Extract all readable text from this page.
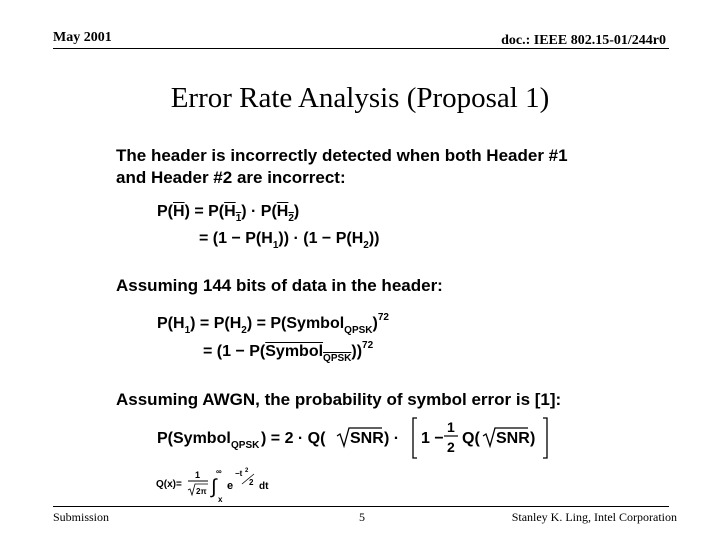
May 2001	doc.: IEEE 802.15-01/244r0
Error Rate Analysis (Proposal 1)
The header is incorrectly detected when both Header #1
and Header #2 are incorrect:
$P(\overline{H}) = P(H_1) \cdot P(H_2)$
= $(1 - P(H_1)) \cdot (1 - P(H_2))$
Assuming 144 bits of data in the header:
$P(H_1) = P(H_2)$ = P(Symbol$_{QPSK}$)$^{72}$
= (1 − P(Symbol$_{QPSK}$))$^{72}$
Assuming AWGN, the probability of symbol error is [1]:
P(Symbol QPSK ) = 2 · Q( SNR ) · 1 −
1
2 Q( SNR )
Q(x)=
1
2π ∫
∞
x
e
−t 2
2 dt
Submission	5	Stanley K. Ling, Intel Corporation
